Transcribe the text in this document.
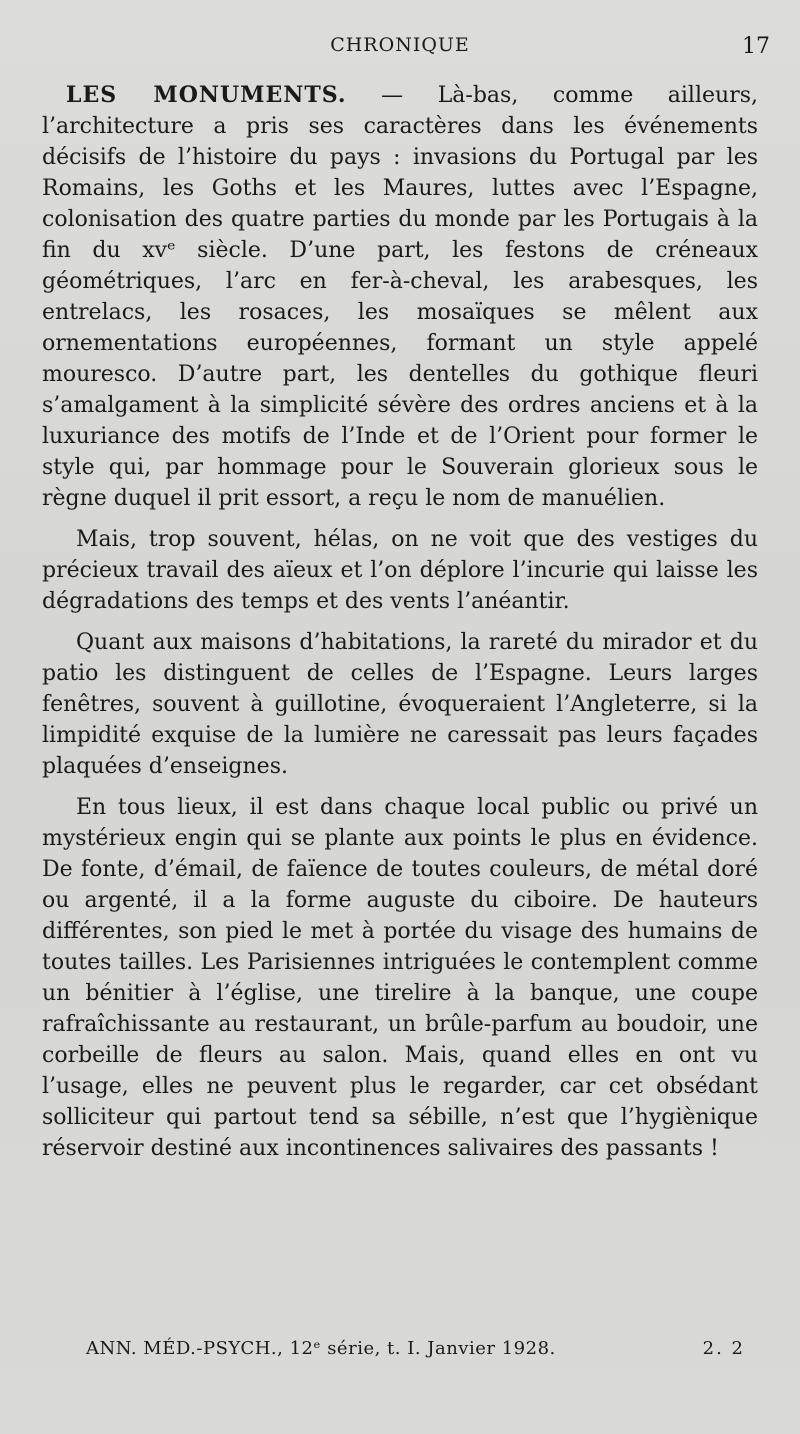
CHRONIQUE	17

LES MONUMENTS. — Là-bas, comme ailleurs, l’architecture a pris ses caractères dans les événements décisifs de l’histoire du pays : invasions du Portugal par les Romains, les Goths et les Maures, luttes avec l’Espagne, colonisation des quatre parties du monde par les Portugais à la fin du xvᵉ siècle. D’une part, les festons de créneaux géométriques, l’arc en fer-à-cheval, les arabesques, les entrelacs, les rosaces, les mosaïques se mêlent aux ornementations européennes, formant un style appelé mouresco. D’autre part, les dentelles du gothique fleuri s’amalgament à la simplicité sévère des ordres anciens et à la luxuriance des motifs de l’Inde et de l’Orient pour former le style qui, par hommage pour le Souverain glorieux sous le règne duquel il prit essort, a reçu le nom de manuélien.

Mais, trop souvent, hélas, on ne voit que des vestiges du précieux travail des aïeux et l’on déplore l’incurie qui laisse les dégradations des temps et des vents l’anéantir.

Quant aux maisons d’habitations, la rareté du mirador et du patio les distinguent de celles de l’Espagne. Leurs larges fenêtres, souvent à guillotine, évoqueraient l’Angleterre, si la limpidité exquise de la lumière ne caressait pas leurs façades plaquées d’enseignes.

En tous lieux, il est dans chaque local public ou privé un mystérieux engin qui se plante aux points le plus en évidence. De fonte, d’émail, de faïence de toutes couleurs, de métal doré ou argenté, il a la forme auguste du ciboire. De hauteurs différentes, son pied le met à portée du visage des humains de toutes tailles. Les Parisiennes intriguées le contemplent comme un bénitier à l’église, une tirelire à la banque, une coupe rafraîchissante au restaurant, un brûle-parfum au boudoir, une corbeille de fleurs au salon. Mais, quand elles en ont vu l’usage, elles ne peuvent plus le regarder, car cet obsédant solliciteur qui partout tend sa sébille, n’est que l’hygiènique réservoir destiné aux incontinences salivaires des passants !

ANN. MÉD.-PSYCH., 12ᵉ série, t. I. Janvier 1928.	2. 2
